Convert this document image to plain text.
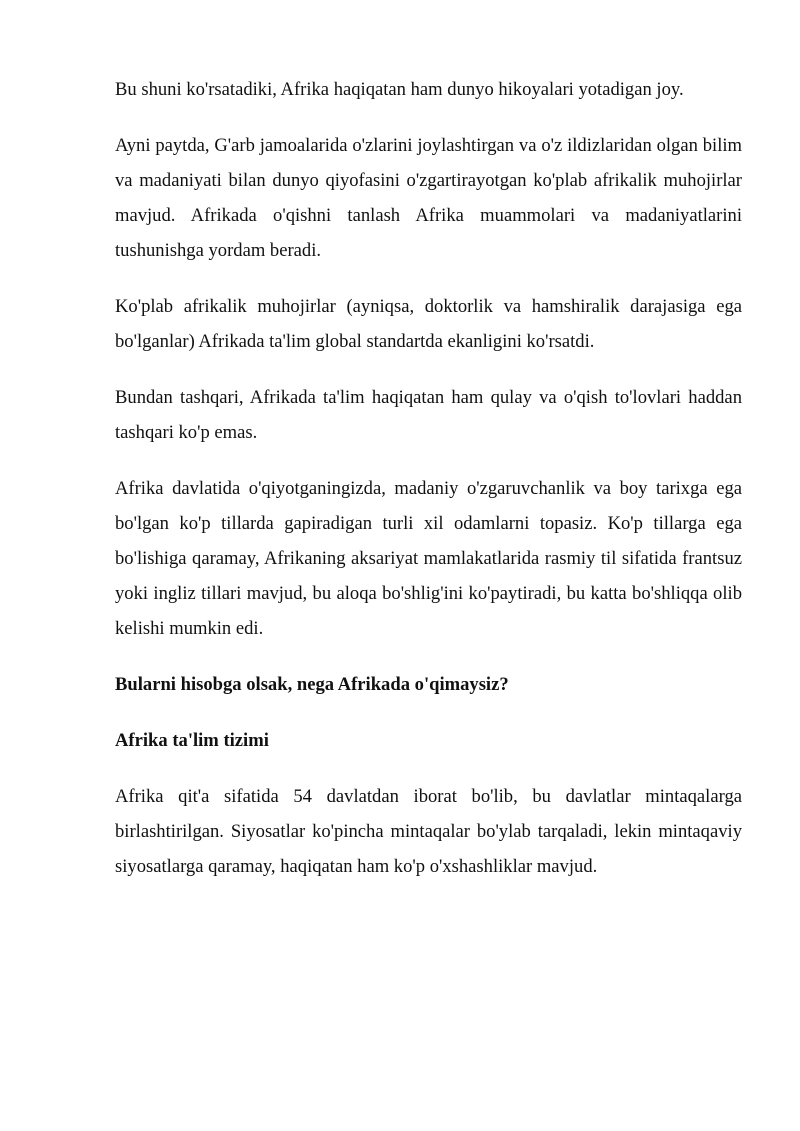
Bu shuni ko'rsatadiki, Afrika haqiqatan ham dunyo hikoyalari yotadigan joy.

Ayni paytda, G'arb jamoalarida o'zlarini joylashtirgan va o'z ildizlaridan olgan bilim va madaniyati bilan dunyo qiyofasini o'zgartirayotgan ko'plab afrikalik muhojirlar mavjud. Afrikada o'qishni tanlash Afrika muammolari va madaniyatlarini tushunishga yordam beradi.

Ko'plab afrikalik muhojirlar (ayniqsa, doktorlik va hamshiralik darajasiga ega bo'lganlar) Afrikada ta'lim global standartda ekanligini ko'rsatdi.

Bundan tashqari, Afrikada ta'lim haqiqatan ham qulay va o'qish to'lovlari haddan tashqari ko'p emas.

Afrika davlatida o'qiyotganingizda, madaniy o'zgaruvchanlik va boy tarixga ega bo'lgan ko'p tillarda gapiradigan turli xil odamlarni topasiz. Ko'p tillarga ega bo'lishiga qaramay, Afrikaning aksariyat mamlakatlarida rasmiy til sifatida frantsuz yoki ingliz tillari mavjud, bu aloqa bo'shlig'ini ko'paytiradi, bu katta bo'shliqqa olib kelishi mumkin edi.

Bularni hisobga olsak, nega Afrikada o'qimaysiz?

Afrika ta'lim tizimi

Afrika qit'a sifatida 54 davlatdan iborat bo'lib, bu davlatlar mintaqalarga birlashtirilgan. Siyosatlar ko'pincha mintaqalar bo'ylab tarqaladi, lekin mintaqaviy siyosatlarga qaramay, haqiqatan ham ko'p o'xshashliklar mavjud.
